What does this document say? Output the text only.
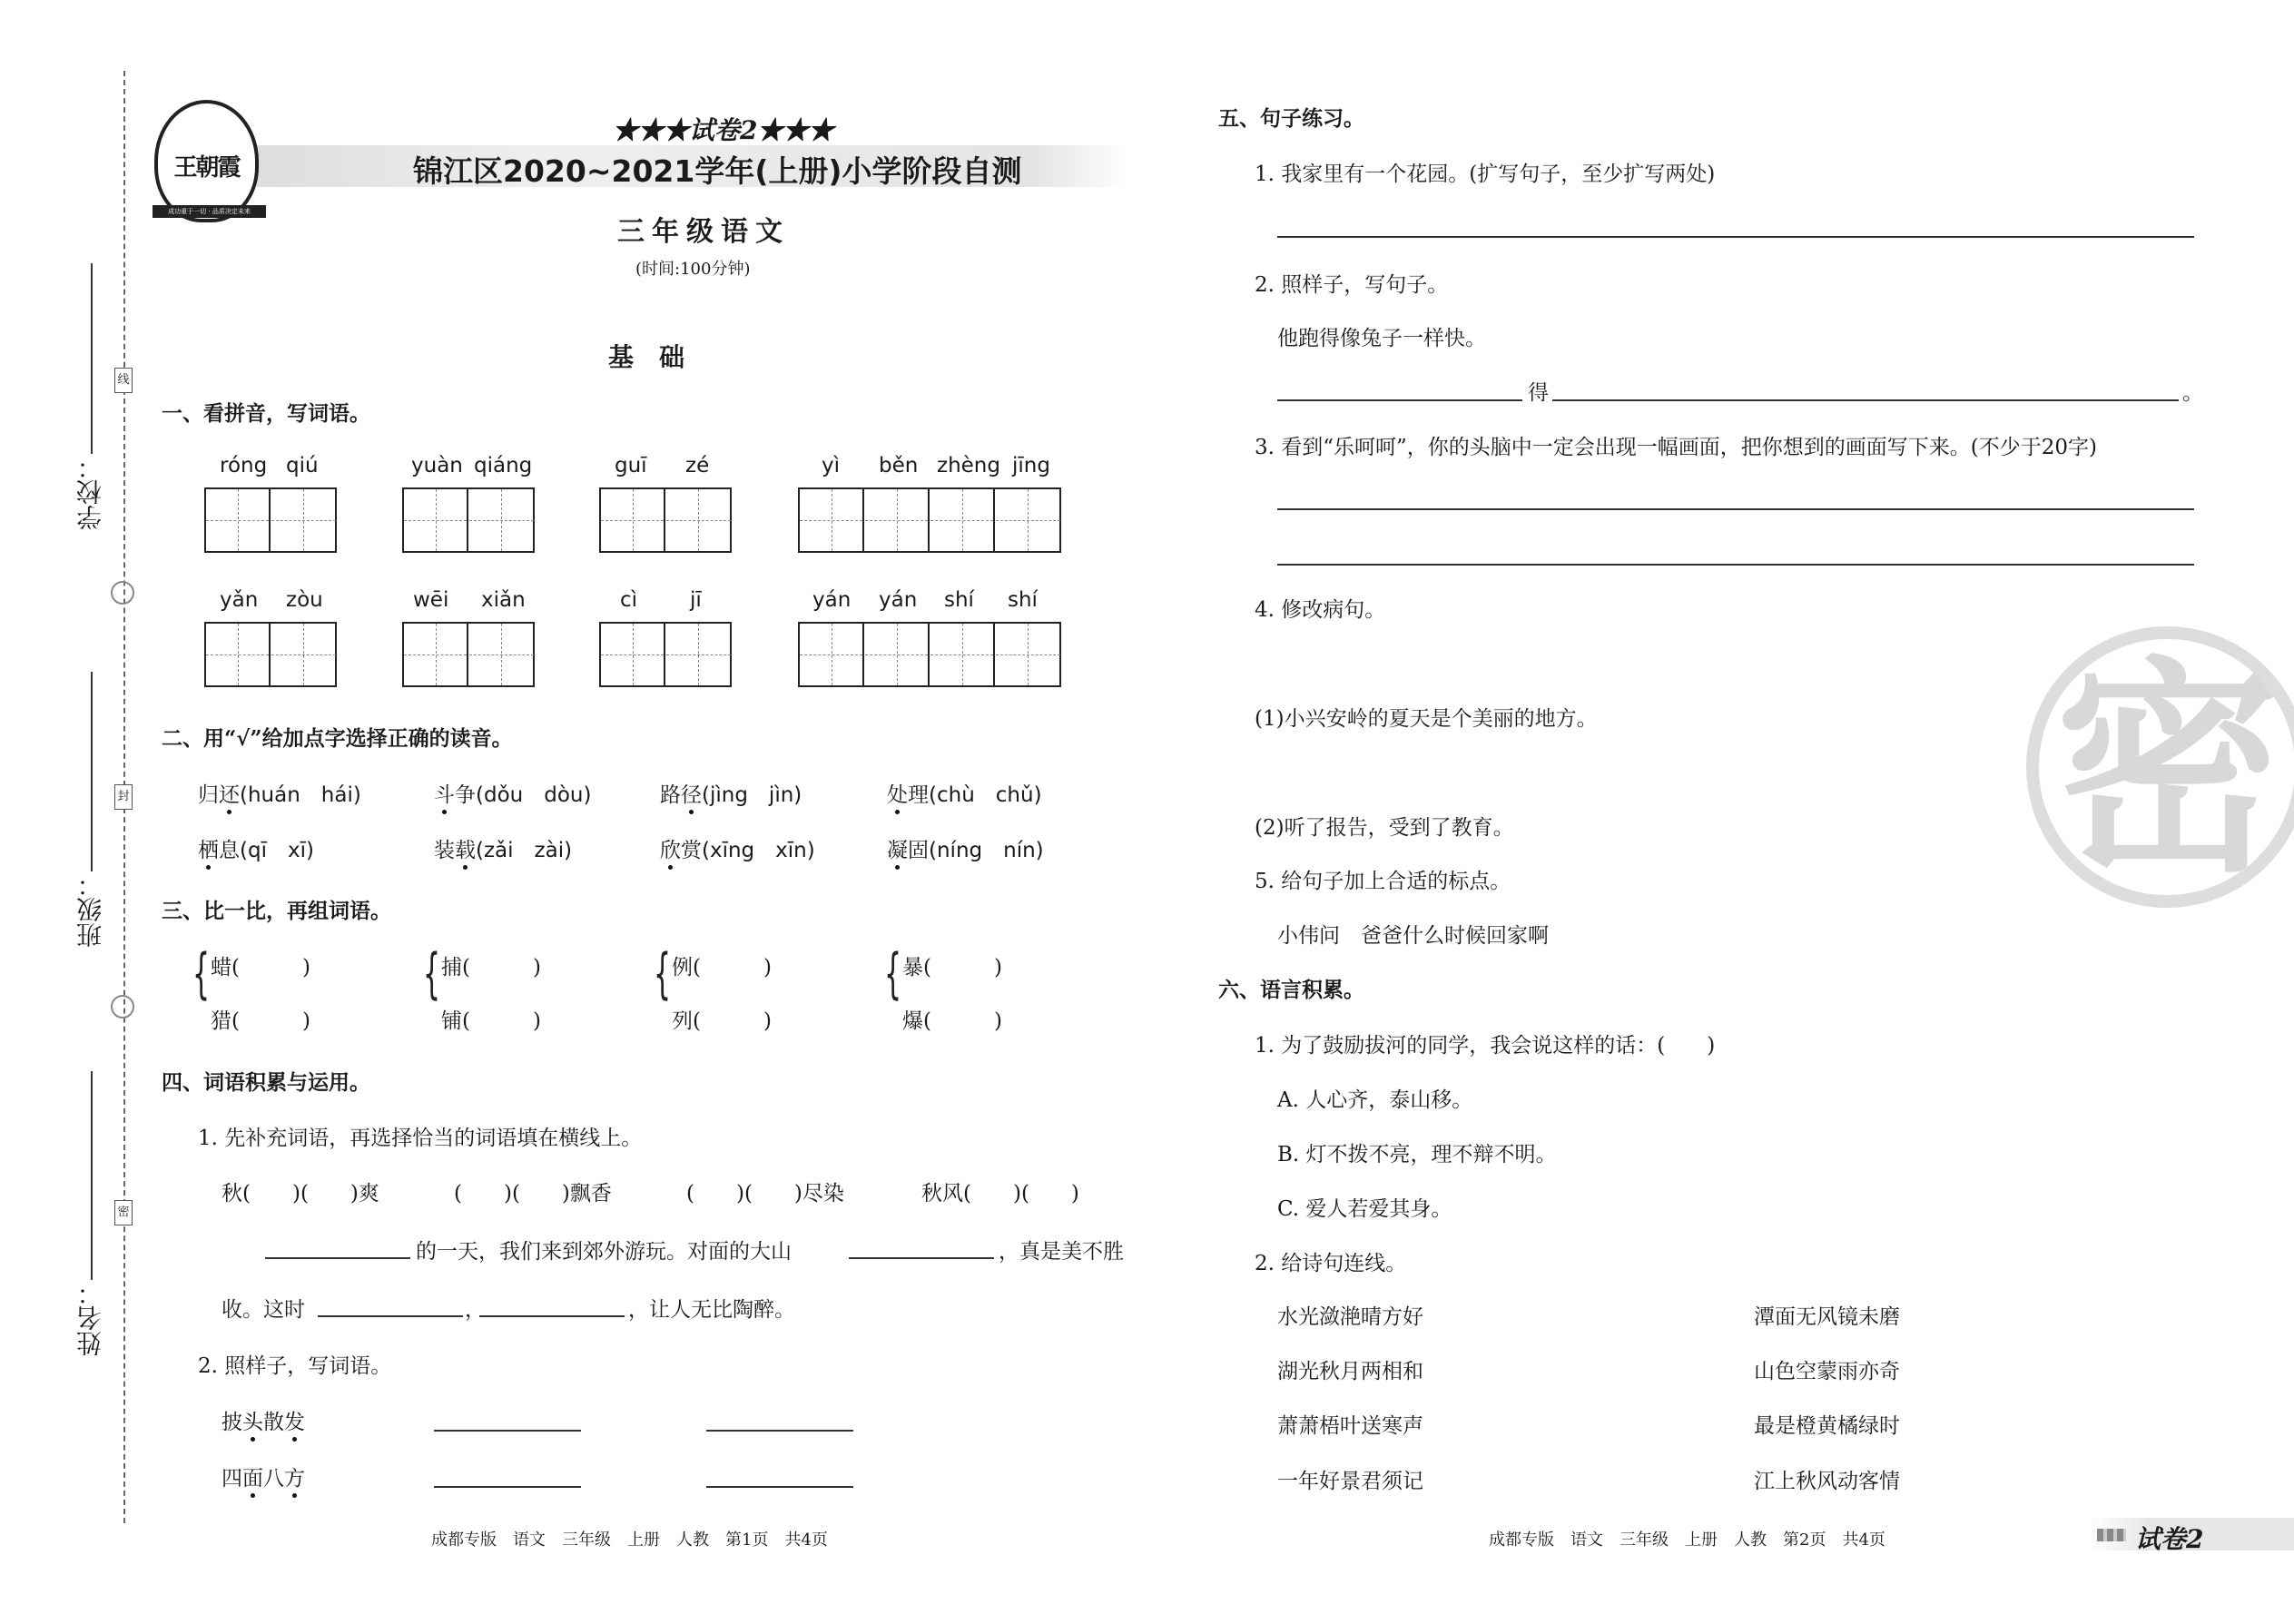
学校：
班级：
姓名：
线
封
密
王朝霞
成功重于一切 · 品质决定未来
★★★试卷2★★★
锦江区2020~2021学年(上册)小学阶段自测
三年级语文
(时间:100分钟)
基　础
一、看拼音，写词语。
róng qiú	yuàn qiáng	guī zé	yì běn zhèng jīng
yǎn zòu	wēi xiǎn	cì	jī	yán yán shí shí
二、用“√”给加点字选择正确的读音。
归还(huán　hái)	斗争(dǒu　dòu)	路径(jìng　jìn)	处理(chù　chǔ)
栖息(qī　xī)	装载(zǎi　zài)	欣赏(xīng　xīn)	凝固(níng　nín)
三、比一比，再组词语。
{ 蜡(　　　)
猎(　　　)
{ 捕(　　　)
铺(　　　)
{ 例(　　　)
列(　　　)
{ 暴(　　　)
爆(　　　)
四、词语积累与运用。
1. 先补充词语，再选择恰当的词语填在横线上。
秋(　　)(　　)爽	(　　)(　　)飘香	(　　)(　　)尽染	秋风(　　)(　　)
的一天，我们来到郊外游玩。对面的大山	，真是美不胜
收。这时	，	，让人无比陶醉。
2. 照样子，写词语。
披头散发
四面八方
成都专版　语文　三年级　上册　人教　第1页　共4页
五、句子练习。
1. 我家里有一个花园。(扩写句子，至少扩写两处)
2. 照样子，写句子。
他跑得像兔子一样快。
得	。
3. 看到“乐呵呵”，你的头脑中一定会出现一幅画面，把你想到的画面写下来。(不少于20字)
4. 修改病句。
(1)小兴安岭的夏天是个美丽的地方。
(2)听了报告，受到了教育。
5. 给句子加上合适的标点。
小伟问　爸爸什么时候回家啊
六、语言积累。
1. 为了鼓励拔河的同学，我会说这样的话：(　　)
A. 人心齐，泰山移。
B. 灯不拨不亮，理不辩不明。
C. 爱人若爱其身。
2. 给诗句连线。
水光潋滟晴方好
湖光秋月两相和
萧萧梧叶送寒声
一年好景君须记
潭面无风镜未磨
山色空蒙雨亦奇
最是橙黄橘绿时
江上秋风动客情
密
成都专版　语文　三年级　上册　人教　第2页　共4页	试卷2
